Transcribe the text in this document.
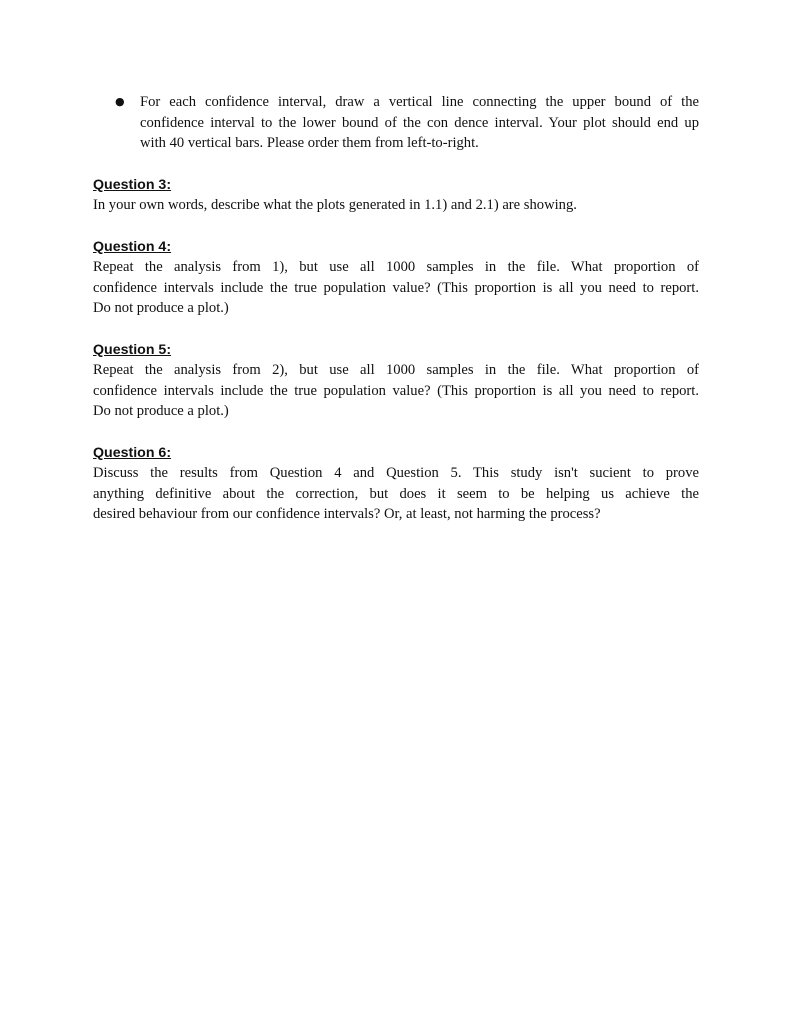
● For each confidence interval, draw a vertical line connecting the upper bound of the
confidence interval to the lower bound of the con dence interval. Your plot should end up
with 40 vertical bars. Please order them from left-to-right.

Question 3:

In your own words, describe what the plots generated in 1.1) and 2.1) are showing.

Question 4:

Repeat the analysis from 1), but use all 1000 samples in the file. What proportion of
confidence intervals include the true population value? (This proportion is all you need to report.
Do not produce a plot.)

Question 5:

Repeat the analysis from 2), but use all 1000 samples in the file. What proportion of
confidence intervals include the true population value? (This proportion is all you need to report.
Do not produce a plot.)

Question 6:

Discuss the results from Question 4 and Question 5. This study isn't sucient to prove
anything definitive about the correction, but does it seem to be helping us achieve the
desired behaviour from our confidence intervals? Or, at least, not harming the process?
